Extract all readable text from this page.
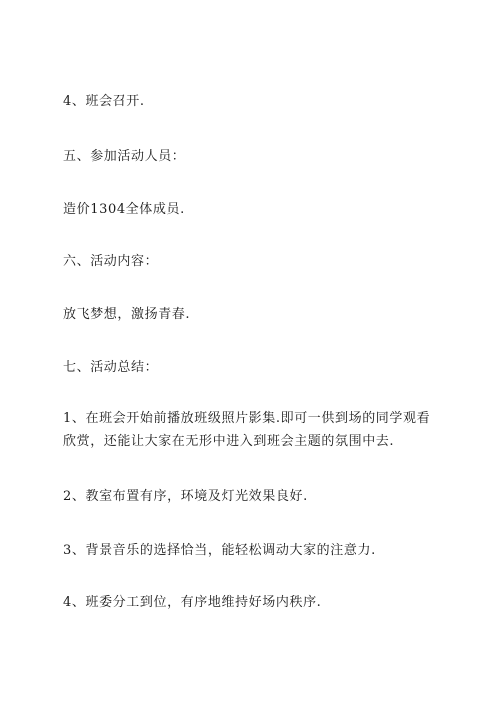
4、班会召开.

五、参加活动人员：

造价1304全体成员.

六、活动内容：

放飞梦想，激扬青春.

七、活动总结：

1、在班会开始前播放班级照片影集.即可一供到场的同学观看欣赏，还能让大家在无形中进入到班会主题的氛围中去.

2、教室布置有序，环境及灯光效果良好.

3、背景音乐的选择恰当，能轻松调动大家的注意力.

4、班委分工到位，有序地维持好场内秩序.
